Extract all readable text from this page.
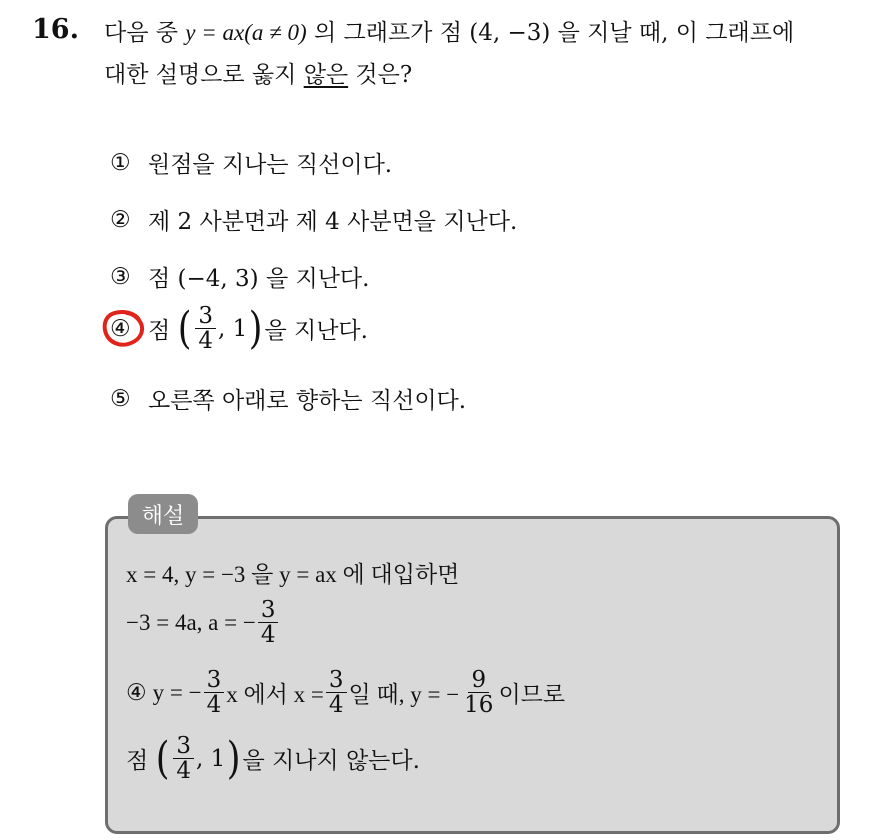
16. 다음 중 y = ax(a ≠ 0) 의 그래프가 점 (4, −3) 을 지날 때, 이 그래프에
대한 설명으로 옳지 않은 것은?
① 원점을 지나는 직선이다.
② 제 2 사분면과 제 4 사분면을 지난다.
③ 점 (−4, 3) 을 지난다.
④ 점 ( $\frac{3}{4}$ , 1 ) 을 지난다.
⑤ 오른쪽 아래로 향하는 직선이다.
해설
x = 4, y = −3 을 y = ax 에 대입하면
−3 = 4a, a = − $\frac{3}{4}$
④ y = − $\frac{3}{4}$ x 에서 $x = \frac{3}{4}$ 일 때, y = − $\frac{9}{16}$ 이므로
점 ( $\frac{3}{4}$ , 1 ) 을 지나지 않는다.
